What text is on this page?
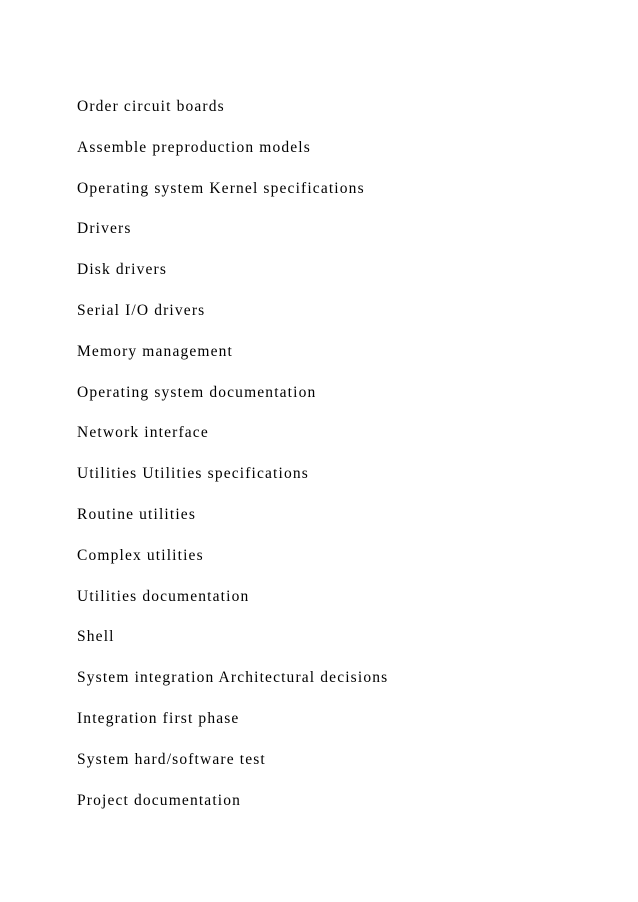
Order circuit boards
Assemble preproduction models
Operating system Kernel specifications
Drivers
Disk drivers
Serial I/O drivers
Memory management
Operating system documentation
Network interface
Utilities Utilities specifications
Routine utilities
Complex utilities
Utilities documentation
Shell
System integration Architectural decisions
Integration first phase
System hard/software test
Project documentation
